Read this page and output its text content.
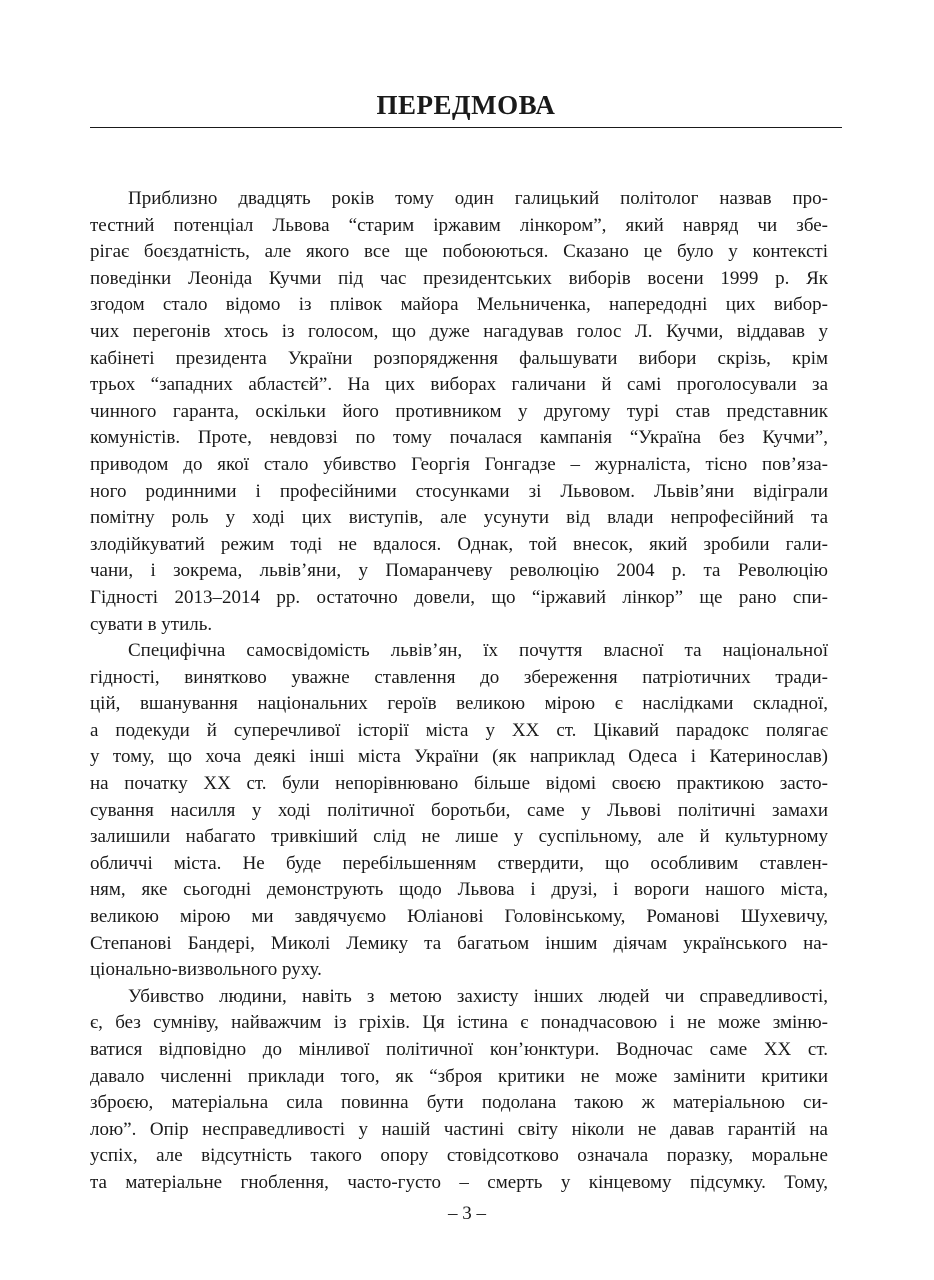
ПЕРЕДМОВА

Приблизно двадцять років тому один галицький політолог назвав про-

тестний потенціал Львова “старим іржавим лінкором”, який навряд чи збе-

рігає боєздатність, але якого все ще побоюються. Сказано це було у контексті

поведінки Леоніда Кучми під час президентських виборів восени 1999 р. Як

згодом стало відомо із плівок майора Мельниченка, напередодні цих вибор-

чих перегонів хтось із голосом, що дуже нагадував голос Л. Кучми, віддавав у

кабінеті президента України розпорядження фальшувати вибори скрізь, крім

трьох “западних абластєй”. На цих виборах галичани й самі проголосували за

чинного гаранта, оскільки його противником у другому турі став представник

комуністів. Проте, невдовзі по тому почалася кампанія “Україна без Кучми”,

приводом до якої стало убивство Георгія Гонгадзе – журналіста, тісно пов’яза-

ного родинними і професійними стосунками зі Львовом. Львів’яни відіграли

помітну роль у ході цих виступів, але усунути від влади непрофесійний та

злодійкуватий режим тоді не вдалося. Однак, той внесок, який зробили гали-

чани, і зокрема, львів’яни, у Помаранчеву революцію 2004 р. та Революцію

Гідності 2013–2014 рр. остаточно довели, що “іржавий лінкор” ще рано спи-

сувати в утиль.

Специфічна самосвідомість львів’ян, їх почуття власної та національної

гідності, винятково уважне ставлення до збереження патріотичних тради-

цій, вшанування національних героїв великою мірою є наслідками складної,

а подекуди й суперечливої історії міста у ХХ ст. Цікавий парадокс полягає

у тому, що хоча деякі інші міста України (як наприклад Одеса і Катеринослав)

на початку ХХ ст. були непорівнювано більше відомі своєю практикою засто-

сування насилля у ході політичної боротьби, саме у Львові політичні замахи

залишили набагато тривкіший слід не лише у суспільному, але й культурному

обличчі міста. Не буде перебільшенням ствердити, що особливим ставлен-

ням, яке сьогодні демонструють щодо Львова і друзі, і вороги нашого міста,

великою мірою ми завдячуємо Юліанові Головінському, Романові Шухевичу,

Степанові Бандері, Миколі Лемику та багатьом іншим діячам українського на-

ціонально-визвольного руху.

Убивство людини, навіть з метою захисту інших людей чи справедливості,

є, без сумніву, найважчим із гріхів. Ця істина є понадчасовою і не може зміню-

ватися відповідно до мінливої політичної кон’юнктури. Водночас саме ХХ ст.

давало численні приклади того, як “зброя критики не може замінити критики

зброєю, матеріальна сила повинна бути подолана такою ж матеріальною си-

лою”. Опір несправедливості у нашій частині світу ніколи не давав гарантій на

успіх, але відсутність такого опору стовідсотково означала поразку, моральне

та матеріальне гноблення, часто-густо – смерть у кінцевому підсумку. Тому,

– 3 –
